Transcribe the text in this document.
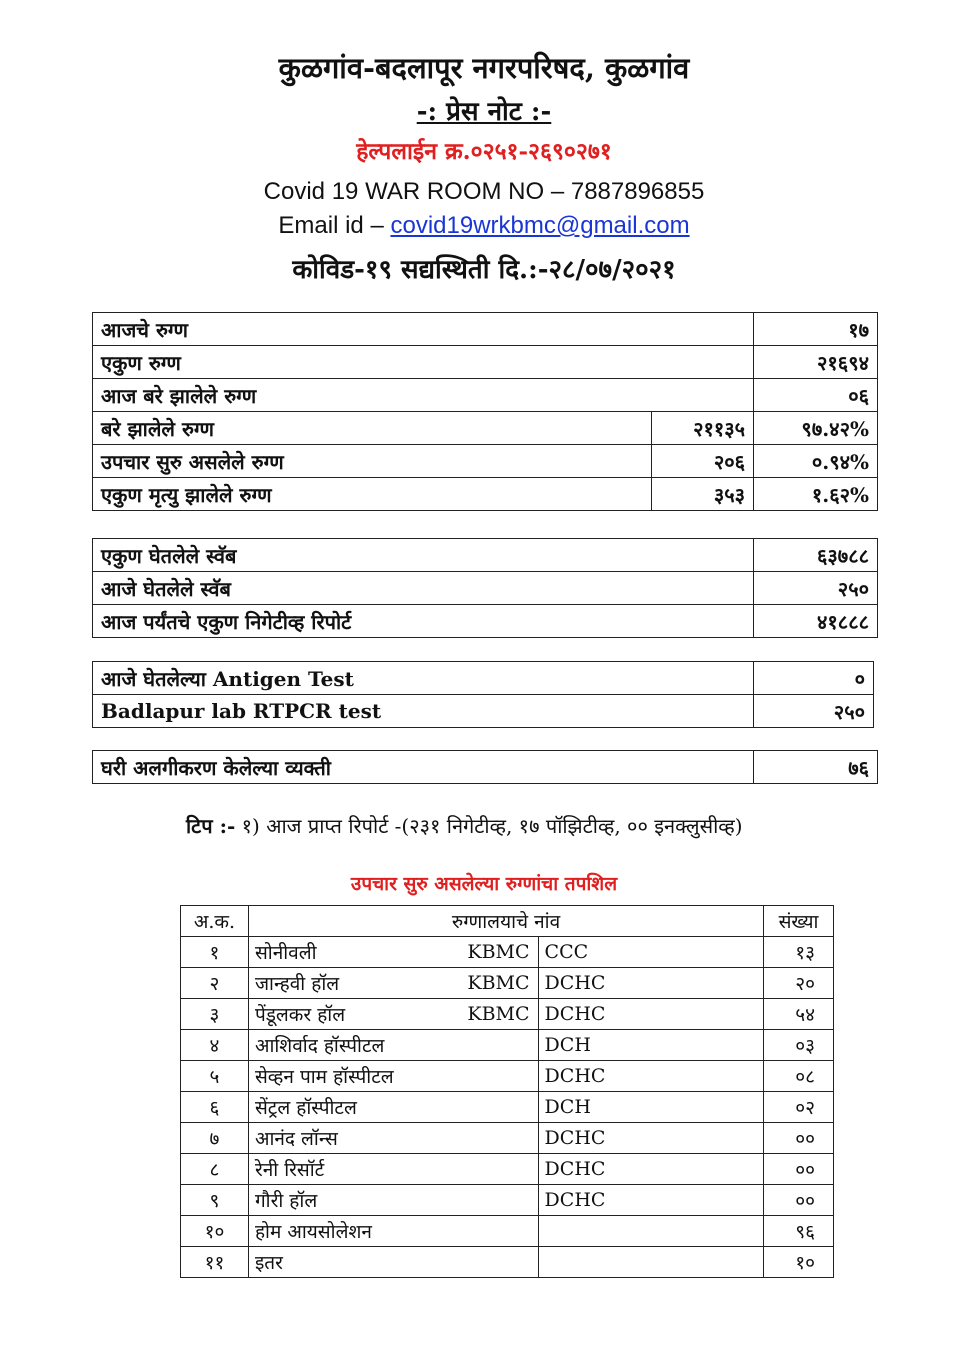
कुळगांव-बदलापूर नगरपरिषद, कुळगांव
-: प्रेस नोट :-
हेल्पलाईन क्र.०२५१-२६९०२७१
Covid 19 WAR ROOM NO – 7887896855
Email id – covid19wrkbmc@gmail.com
कोविड-१९ सद्यस्थिती दि.:-२८/०७/२०२१
आजचे रुग्ण		१७
एकुण रुग्ण		२१६९४
आज बरे झालेले रुग्ण		०६
बरे झालेले रुग्ण	२११३५	९७.४२%
उपचार सुरु असलेले रुग्ण	२०६	०.९४%
एकुण मृत्यु झालेले रुग्ण	३५३	१.६२%
एकुण घेतलेले स्वॅब	६३७८८
आजे घेतलेले स्वॅब	२५०
आज पर्यंतचे एकुण निगेटीव्ह रिपोर्ट	४१८८८
आजे घेतलेल्या Antigen Test	०
Badlapur lab RTPCR test	२५०
घरी अलगीकरण केलेल्या व्यक्ती	७६
टिप :- १) आज प्राप्त रिपोर्ट -(२३१ निगेटीव्ह, १७ पॉझिटीव्ह, ०० इनक्लुसीव्ह)
उपचार सुरु असलेल्या रुग्णांचा तपशिल
अ.क.	रुग्णालयाचे नांव			संख्या
१	सोनीवली	KBMC	CCC	१३
२	जान्हवी हॉल	KBMC	DCHC	२०
३	पेंडूलकर हॉल	KBMC	DCHC	५४
४	आशिर्वाद हॉस्पीटल		DCH	०३
५	सेव्हन पाम हॉस्पीटल		DCHC	०८
६	सेंट्रल हॉस्पीटल		DCH	०२
७	आनंद लॉन्स		DCHC	००
८	रेनी रिसॉर्ट		DCHC	००
९	गौरी हॉल		DCHC	००
१०	होम आयसोलेशन			९६
११	इतर			१०
